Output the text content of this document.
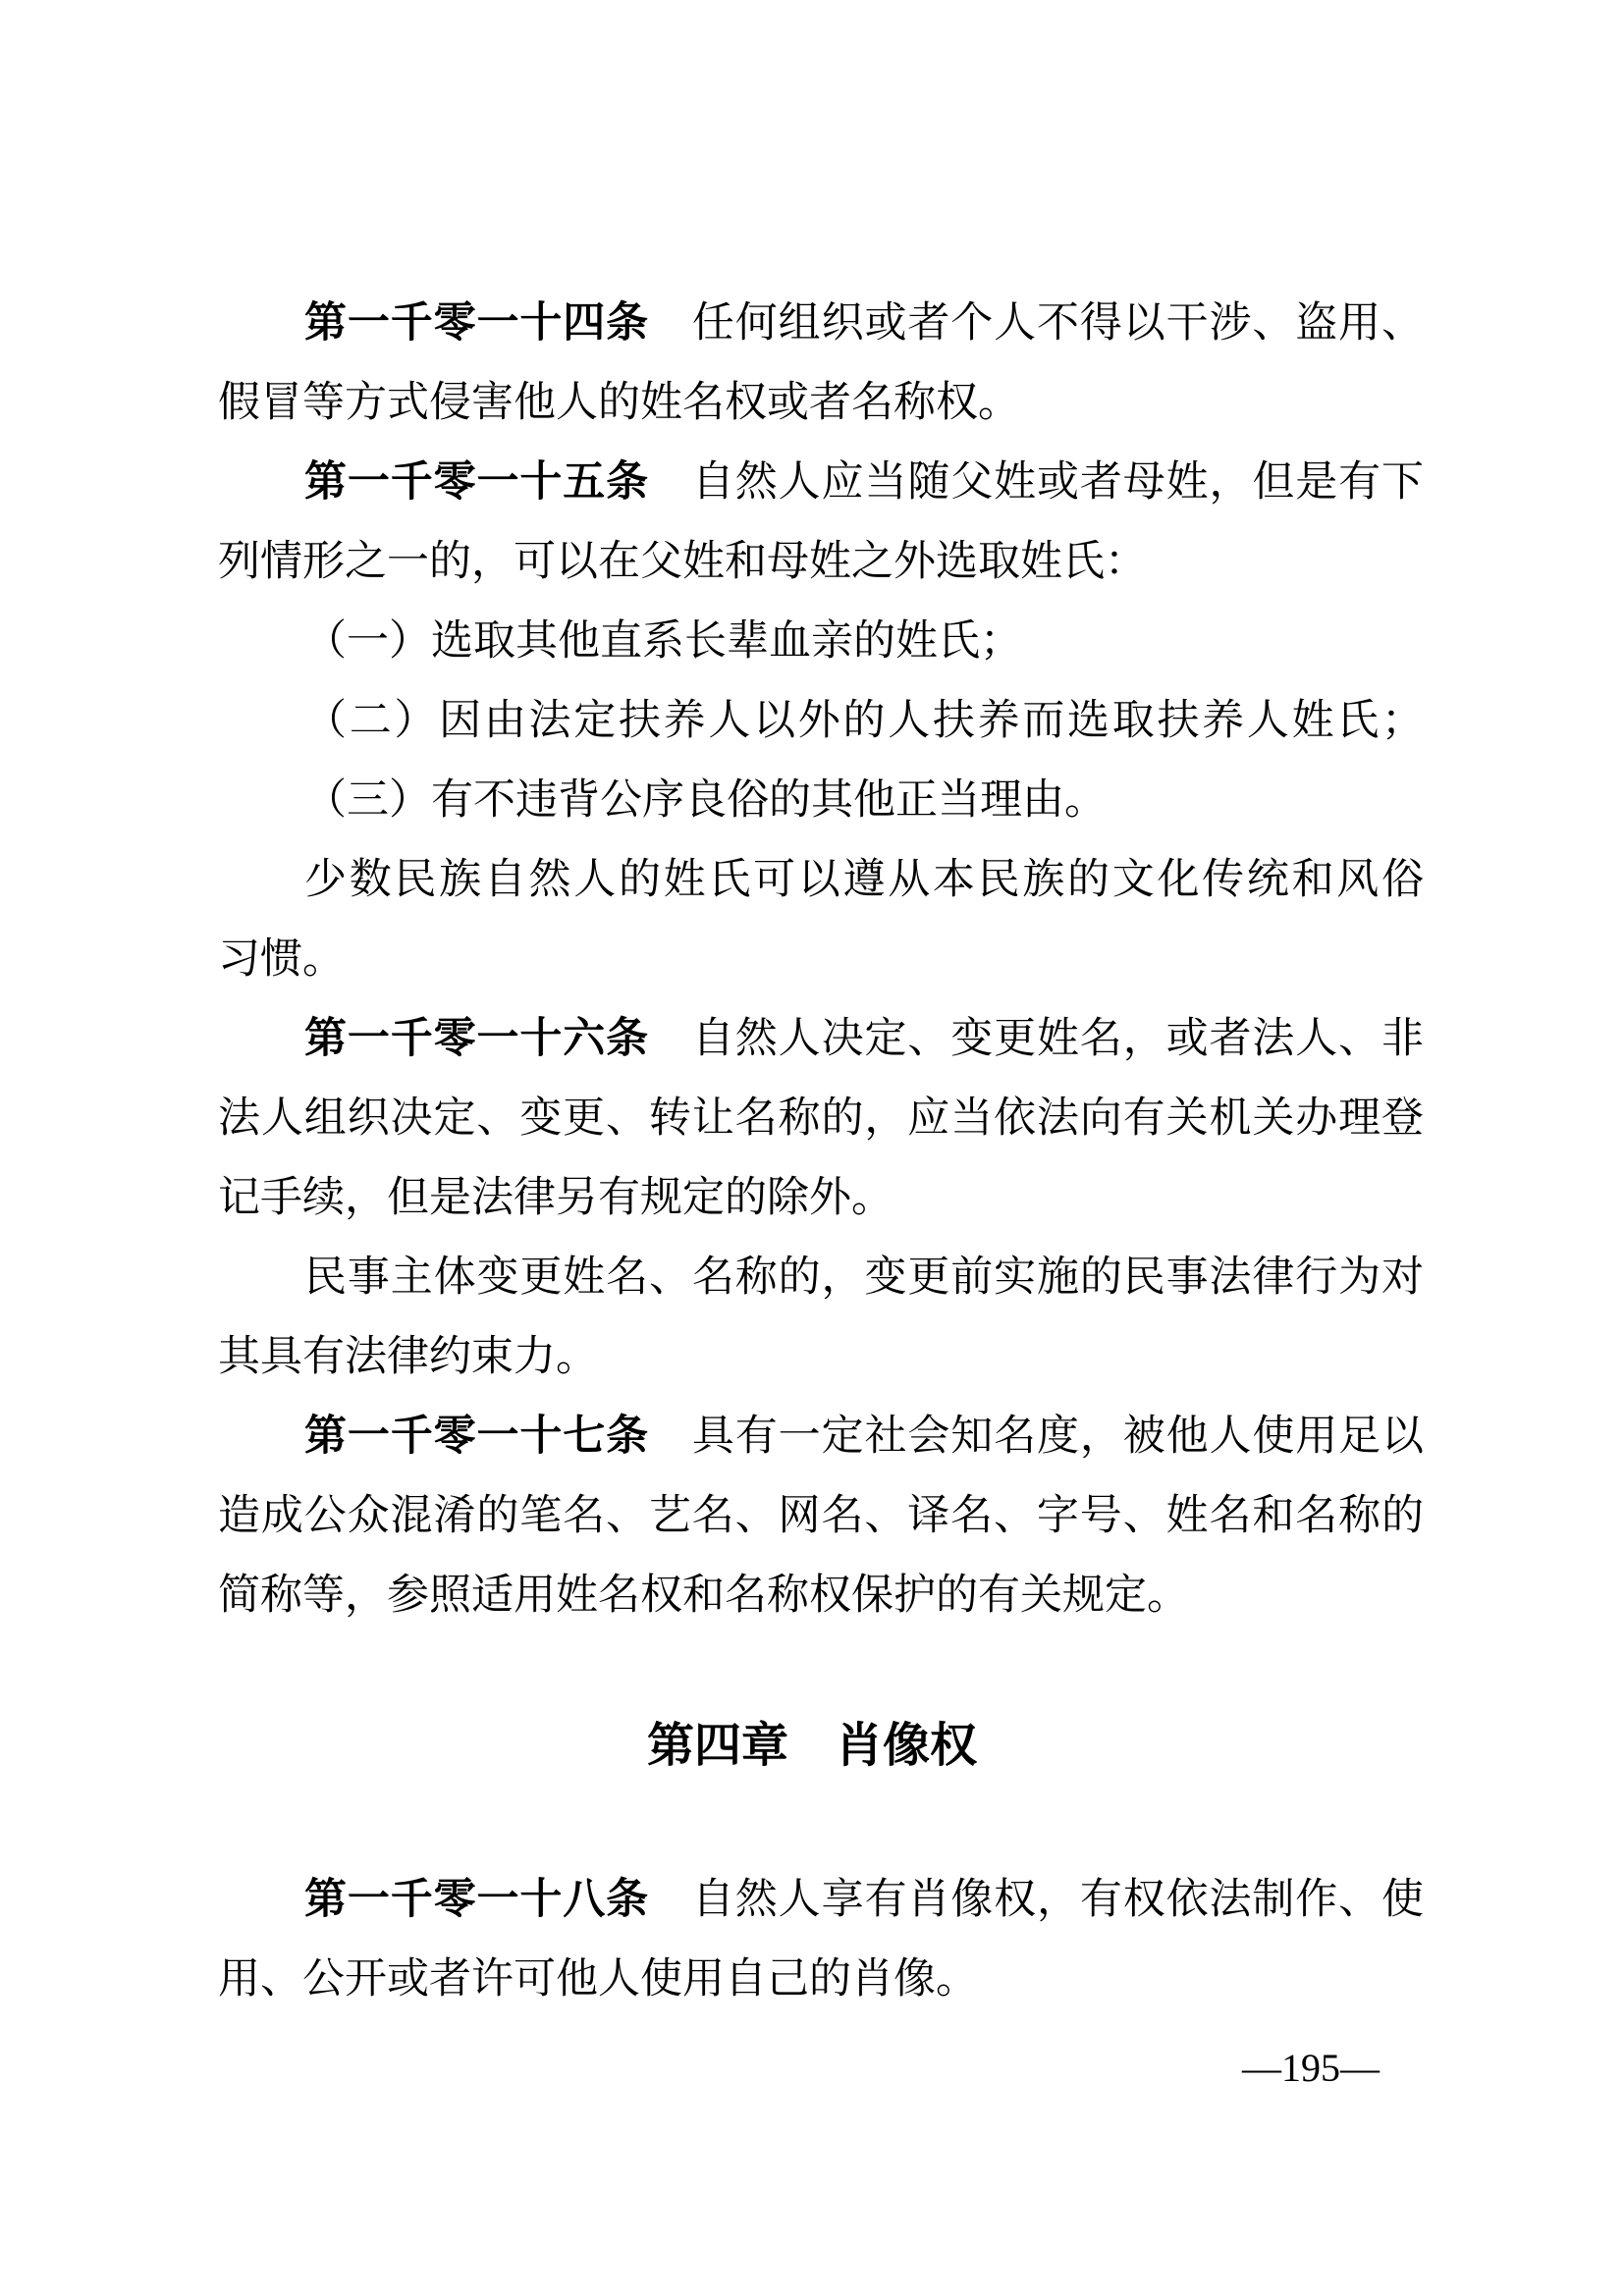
第一千零一十四条　任何组织或者个人不得以干涉、盗用、
假冒等方式侵害他人的姓名权或者名称权。
第一千零一十五条　自然人应当随父姓或者母姓，但是有下
列情形之一的，可以在父姓和母姓之外选取姓氏：
（一）选取其他直系长辈血亲的姓氏；
（二）因由法定扶养人以外的人扶养而选取扶养人姓氏；
（三）有不违背公序良俗的其他正当理由。
少数民族自然人的姓氏可以遵从本民族的文化传统和风俗
习惯。
第一千零一十六条　自然人决定、变更姓名，或者法人、非
法人组织决定、变更、转让名称的，应当依法向有关机关办理登
记手续，但是法律另有规定的除外。
民事主体变更姓名、名称的，变更前实施的民事法律行为对
其具有法律约束力。
第一千零一十七条　具有一定社会知名度，被他人使用足以
造成公众混淆的笔名、艺名、网名、译名、字号、姓名和名称的
简称等，参照适用姓名权和名称权保护的有关规定。
第四章　肖像权
第一千零一十八条　自然人享有肖像权，有权依法制作、使
用、公开或者许可他人使用自己的肖像。
—195—
